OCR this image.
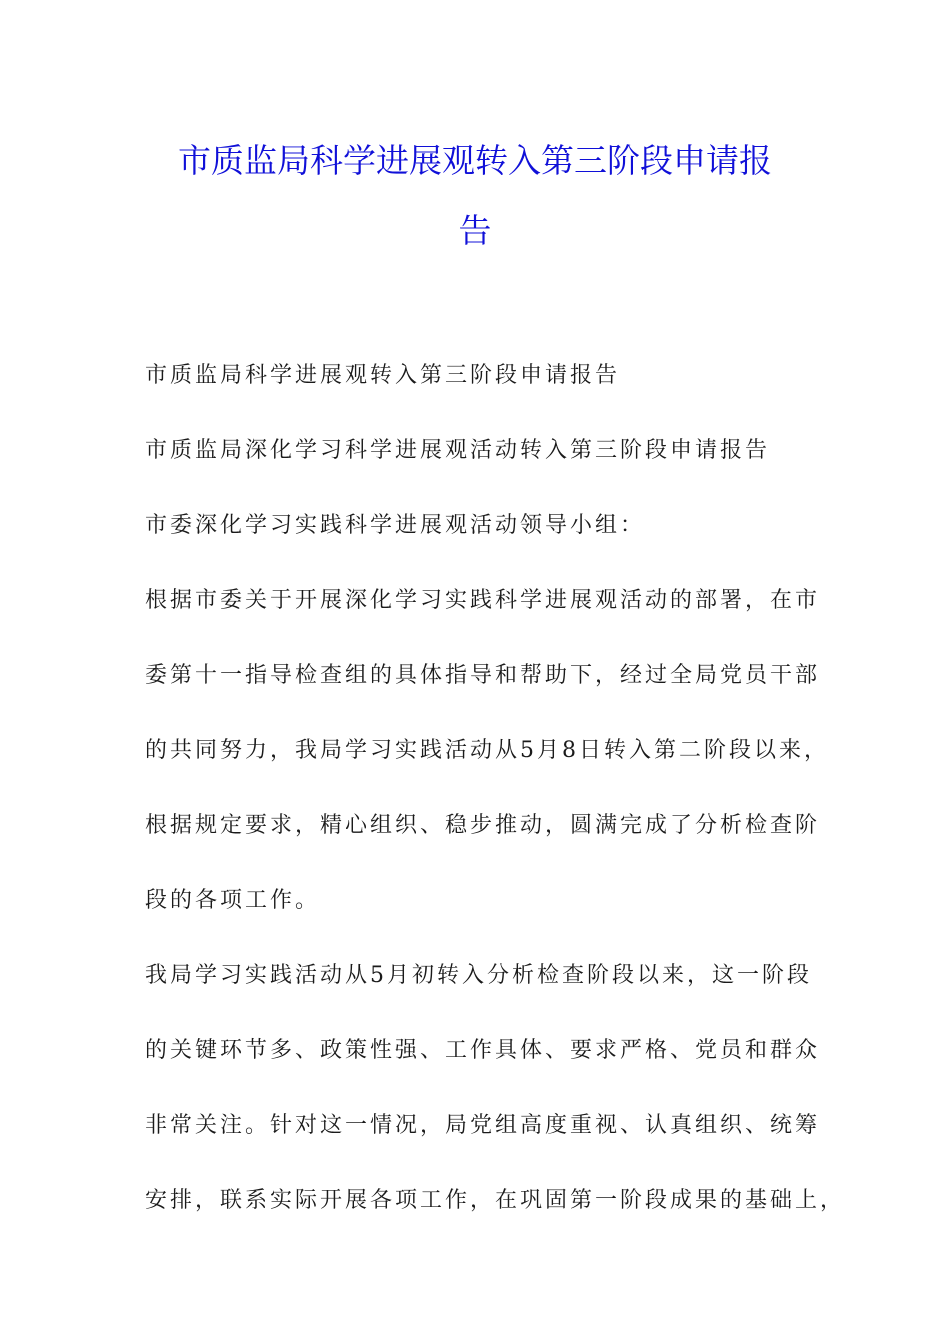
市质监局科学进展观转入第三阶段申请报
告

市质监局科学进展观转入第三阶段申请报告

市质监局深化学习科学进展观活动转入第三阶段申请报告

市委深化学习实践科学进展观活动领导小组：

根据市委关于开展深化学习实践科学进展观活动的部署，在市

委第十一指导检查组的具体指导和帮助下，经过全局党员干部

的共同努力，我局学习实践活动从5月8日转入第二阶段以来，

根据规定要求，精心组织、稳步推动，圆满完成了分析检查阶

段的各项工作。

我局学习实践活动从5月初转入分析检查阶段以来，这一阶段

的关键环节多、政策性强、工作具体、要求严格、党员和群众

非常关注。针对这一情况，局党组高度重视、认真组织、统筹

安排，联系实际开展各项工作，在巩固第一阶段成果的基础上，
